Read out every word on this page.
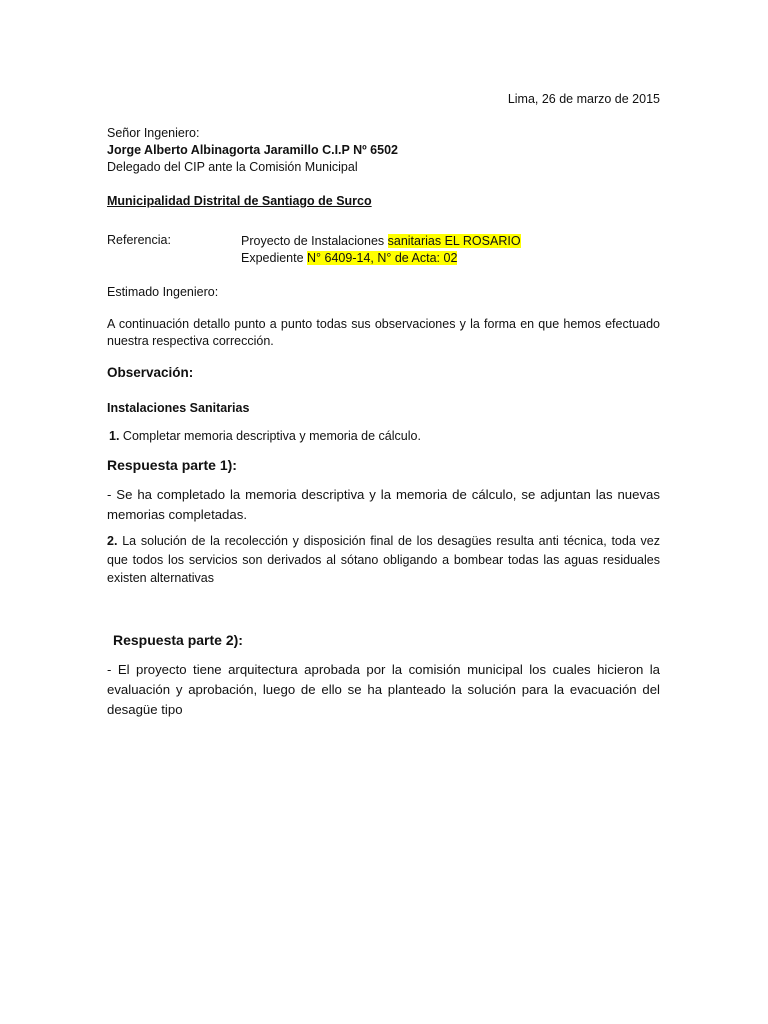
Lima, 26 de marzo de 2015
Señor Ingeniero:
Jorge Alberto Albinagorta Jaramillo C.I.P Nº 6502
Delegado del CIP ante la Comisión Municipal
Municipalidad Distrital de Santiago de Surco
Referencia:	Proyecto de Instalaciones sanitarias EL ROSARIO
Expediente N° 6409-14, N° de Acta: 02
Estimado Ingeniero:
A continuación detallo punto a punto todas sus observaciones y la forma en que hemos efectuado nuestra respectiva corrección.
Observación:
Instalaciones Sanitarias
1. Completar memoria descriptiva y memoria de cálculo.
Respuesta parte 1):
- Se ha completado la memoria descriptiva y la memoria de cálculo, se adjuntan las nuevas memorias completadas.
2. La solución de la recolección y disposición final de los desagües resulta anti técnica, toda vez que todos los servicios son derivados al sótano obligando a bombear todas las aguas residuales existen alternativas
Respuesta parte 2):
- El proyecto tiene arquitectura aprobada por la comisión municipal los cuales hicieron la evaluación y aprobación, luego de ello se ha planteado la solución para la evacuación del desagüe tipo
